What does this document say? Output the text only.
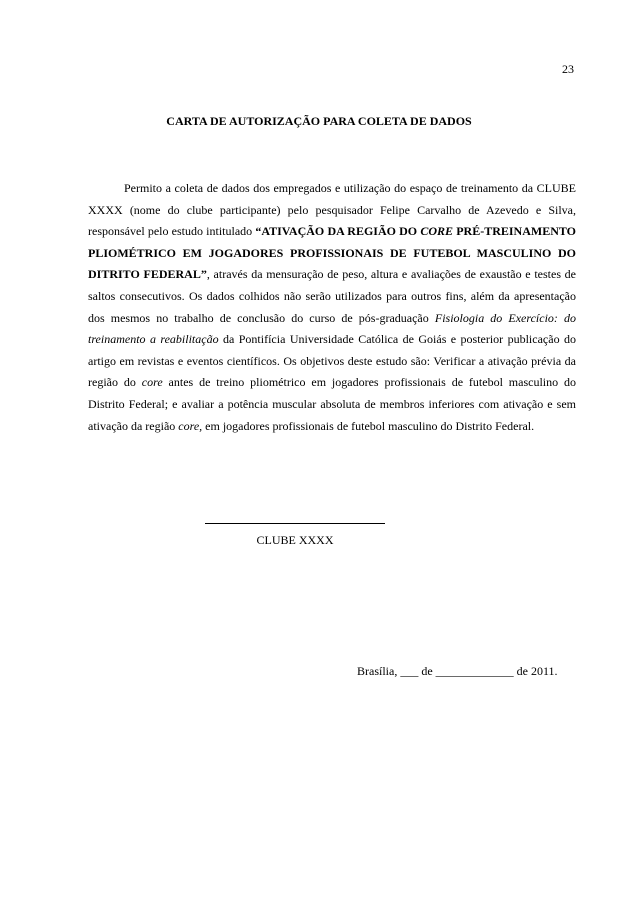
23
CARTA DE AUTORIZAÇÃO PARA COLETA DE DADOS

Permito a coleta de dados dos empregados e utilização do espaço de treinamento da CLUBE XXXX (nome do clube participante) pelo pesquisador Felipe Carvalho de Azevedo e Silva, responsável pelo estudo intitulado “ATIVAÇÃO DA REGIÃO DO CORE PRÉ-TREINAMENTO PLIOMÉTRICO EM JOGADORES PROFISSIONAIS DE FUTEBOL MASCULINO DO DITRITO FEDERAL”, através da mensuração de peso, altura e avaliações de exaustão e testes de saltos consecutivos. Os dados colhidos não serão utilizados para outros fins, além da apresentação dos mesmos no trabalho de conclusão do curso de pós-graduação Fisiologia do Exercício: do treinamento a reabilitação da Pontifícia Universidade Católica de Goiás e posterior publicação do artigo em revistas e eventos científicos. Os objetivos deste estudo são: Verificar a ativação prévia da região do core antes de treino pliométrico em jogadores profissionais de futebol masculino do Distrito Federal; e avaliar a potência muscular absoluta de membros inferiores com ativação e sem ativação da região core, em jogadores profissionais de futebol masculino do Distrito Federal.

CLUBE XXXX
Brasília, ___ de _____________ de 2011.
